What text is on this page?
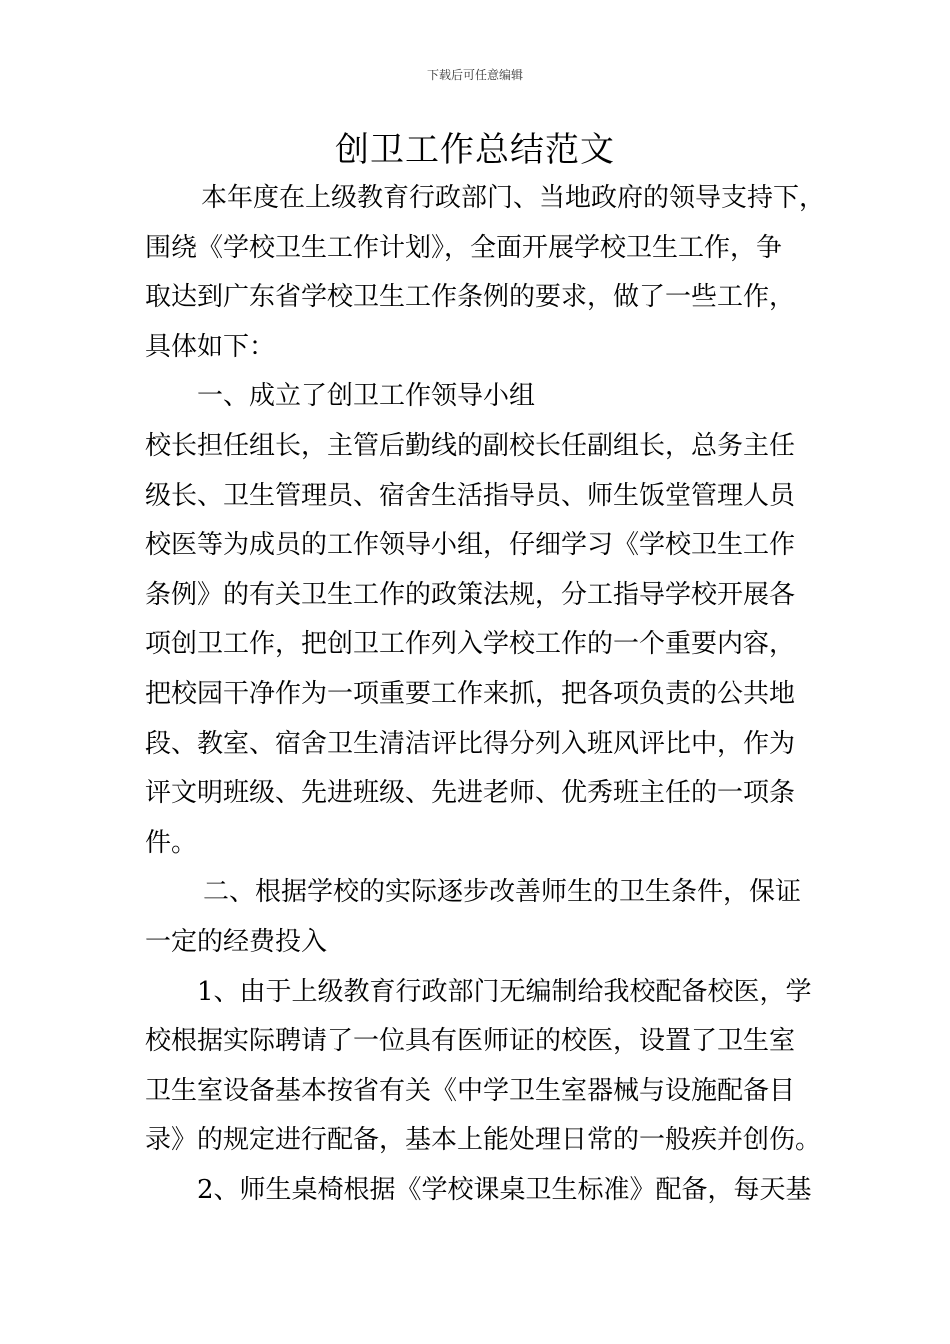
下载后可任意编辑
创卫工作总结范文
本年度在上级教育行政部门、当地政府的领导支持下，
围绕《学校卫生工作计划》，全面开展学校卫生工作，争
取达到广东省学校卫生工作条例的要求，做了一些工作，
具体如下：
一、成立了创卫工作领导小组
校长担任组长，主管后勤线的副校长任副组长，总务主任
级长、卫生管理员、宿舍生活指导员、师生饭堂管理人员
校医等为成员的工作领导小组，仔细学习《学校卫生工作
条例》的有关卫生工作的政策法规，分工指导学校开展各
项创卫工作，把创卫工作列入学校工作的一个重要内容，
把校园干净作为一项重要工作来抓，把各项负责的公共地
段、教室、宿舍卫生清洁评比得分列入班风评比中，作为
评文明班级、先进班级、先进老师、优秀班主任的一项条
件。
二、根据学校的实际逐步改善师生的卫生条件，保证
一定的经费投入
1、由于上级教育行政部门无编制给我校配备校医，学
校根据实际聘请了一位具有医师证的校医，设置了卫生室
卫生室设备基本按省有关《中学卫生室器械与设施配备目
录》的规定进行配备，基本上能处理日常的一般疾并创伤。
2、师生桌椅根据《学校课桌卫生标准》配备，每天基
